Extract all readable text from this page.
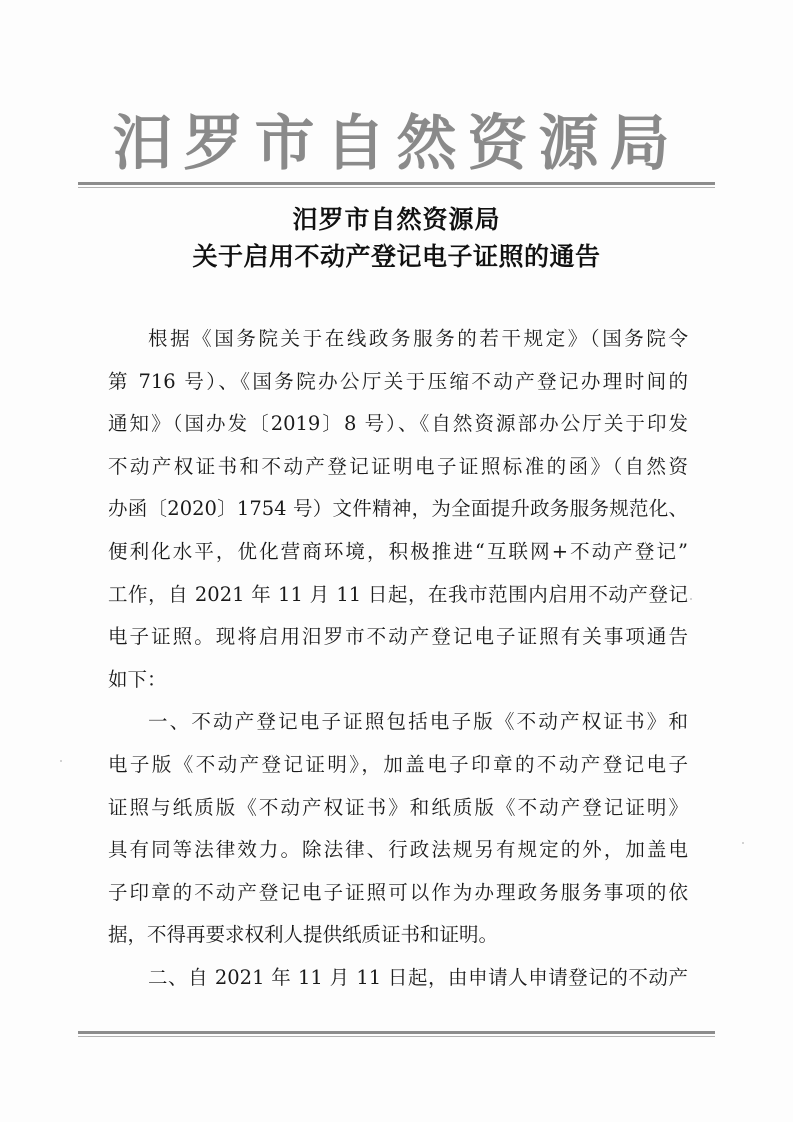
汨罗市自然资源局
汨罗市自然资源局
关于启用不动产登记电子证照的通告
根据《国务院关于在线政务服务的若干规定》（国务院令
第 716 号）、《国务院办公厅关于压缩不动产登记办理时间的
通知》（国办发〔2019〕8 号）、《自然资源部办公厅关于印发
不动产权证书和不动产登记证明电子证照标准的函》（自然资
办函〔2020〕1754 号）文件精神，为全面提升政务服务规范化、
便利化水平，优化营商环境，积极推进“互联网+不动产登记”
工作，自 2021 年 11 月 11 日起，在我市范围内启用不动产登记
电子证照。现将启用汨罗市不动产登记电子证照有关事项通告
如下：
一、不动产登记电子证照包括电子版《不动产权证书》和
电子版《不动产登记证明》，加盖电子印章的不动产登记电子
证照与纸质版《不动产权证书》和纸质版《不动产登记证明》
具有同等法律效力。除法律、行政法规另有规定的外，加盖电
子印章的不动产登记电子证照可以作为办理政务服务事项的依
据，不得再要求权利人提供纸质证书和证明。
二、自 2021 年 11 月 11 日起，由申请人申请登记的不动产
